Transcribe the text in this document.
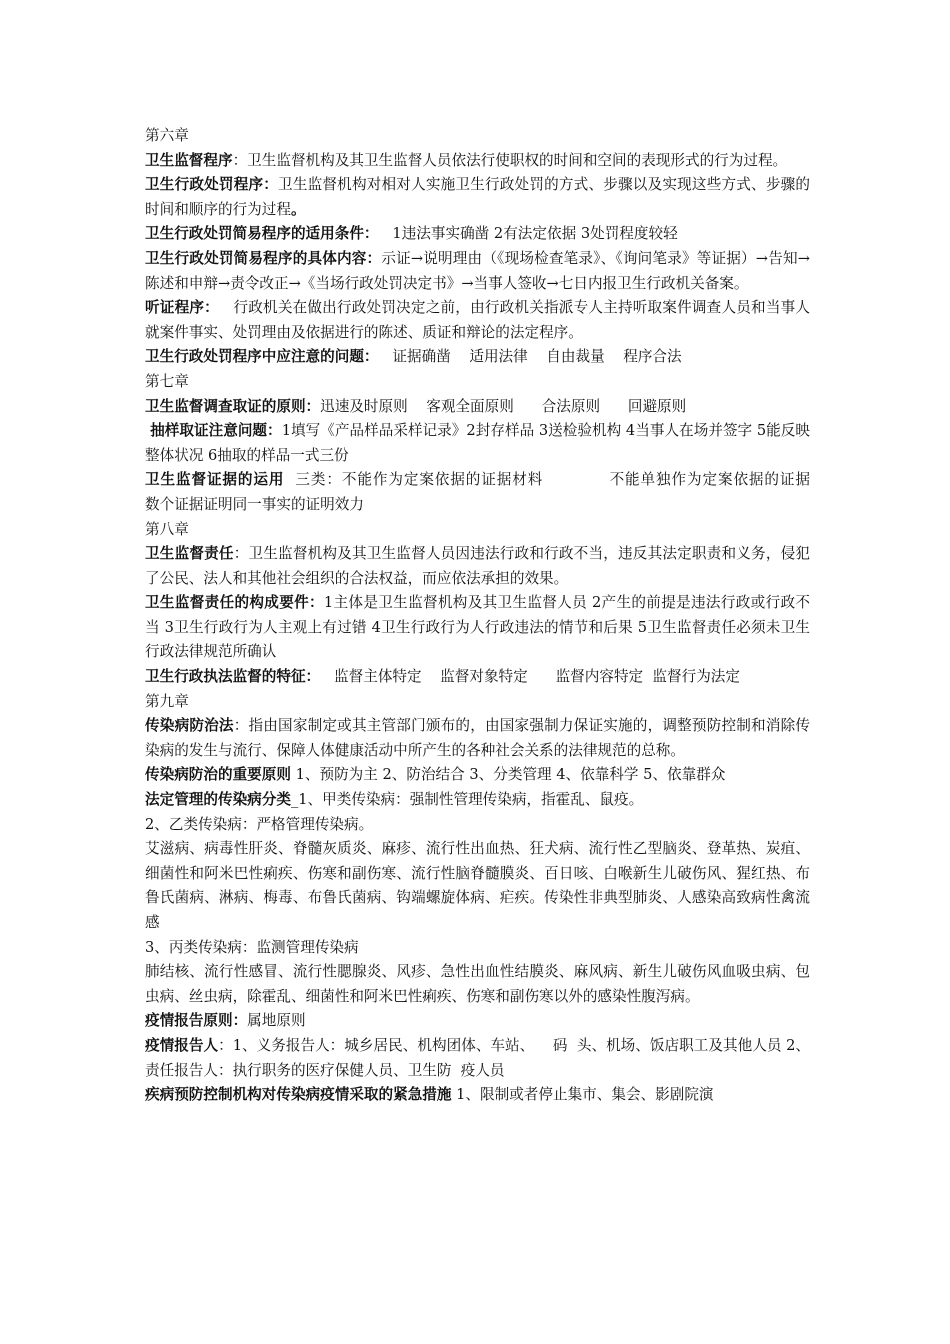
第六章

卫生监督程序：卫生监督机构及其卫生监督人员依法行使职权的时间和空间的表现形式的行为过程。

卫生行政处罚程序：卫生监督机构对相对人实施卫生行政处罚的方式、步骤以及实现这些方式、步骤的时间和顺序的行为过程。

卫生行政处罚简易程序的适用条件：   1违法事实确凿 2有法定依据 3处罚程度较轻

卫生行政处罚简易程序的具体内容：示证→说明理由（《现场检查笔录》、《询问笔录》等证据）→告知→陈述和申辩→责令改正→《当场行政处罚决定书》→当事人签收→七日内报卫生行政机关备案。

听证程序：   行政机关在做出行政处罚决定之前，由行政机关指派专人主持听取案件调查人员和当事人就案件事实、处罚理由及依据进行的陈述、质证和辩论的法定程序。

卫生行政处罚程序中应注意的问题：   证据确凿    适用法律    自由裁量    程序合法

第七章

卫生监督调查取证的原则：迅速及时原则    客观全面原则      合法原则      回避原则

抽样取证注意问题：1填写《产品样品采样记录》2封存样品 3送检验机构 4当事人在场并签字 5能反映整体状况 6抽取的样品一式三份

卫生监督证据的运用  三类：不能作为定案依据的证据材料            不能单独作为定案依据的证据            数个证据证明同一事实的证明效力

第八章

卫生监督责任：卫生监督机构及其卫生监督人员因违法行政和行政不当，违反其法定职责和义务，侵犯了公民、法人和其他社会组织的合法权益，而应依法承担的效果。

卫生监督责任的构成要件：1主体是卫生监督机构及其卫生监督人员 2产生的前提是违法行政或行政不当 3卫生行政行为人主观上有过错 4卫生行政行为人行政违法的情节和后果 5卫生监督责任必须未卫生行政法律规范所确认

卫生行政执法监督的特征：   监督主体特定    监督对象特定      监督内容特定  监督行为法定

第九章

传染病防治法：指由国家制定或其主管部门颁布的，由国家强制力保证实施的，调整预防控制和消除传染病的发生与流行、保障人体健康活动中所产生的各种社会关系的法律规范的总称。

传染病防治的重要原则 1、预防为主 2、防治结合 3、分类管理 4、依靠科学 5、依靠群众

法定管理的传染病分类_1、甲类传染病：强制性管理传染病，指霍乱、鼠疫。

2、乙类传染病：严格管理传染病。

艾滋病、病毒性肝炎、脊髓灰质炎、麻疹、流行性出血热、狂犬病、流行性乙型脑炎、登革热、炭疽、细菌性和阿米巴性痢疾、伤寒和副伤寒、流行性脑脊髓膜炎、百日咳、白喉新生儿破伤风、猩红热、布鲁氏菌病、淋病、梅毒、布鲁氏菌病、钩端螺旋体病、疟疾。传染性非典型肺炎、人感染高致病性禽流感

3、丙类传染病：监测管理传染病

肺结核、流行性感冒、流行性腮腺炎、风疹、急性出血性结膜炎、麻风病、新生儿破伤风血吸虫病、包虫病、丝虫病，除霍乱、细菌性和阿米巴性痢疾、伤寒和副伤寒以外的感染性腹泻病。

疫情报告原则：属地原则

疫情报告人：1、义务报告人：城乡居民、机构团体、车站、    码  头、机场、饭店职工及其他人员 2、责任报告人：执行职务的医疗保健人员、卫生防  疫人员

疾病预防控制机构对传染病疫情采取的紧急措施 1、限制或者停止集市、集会、影剧院演
